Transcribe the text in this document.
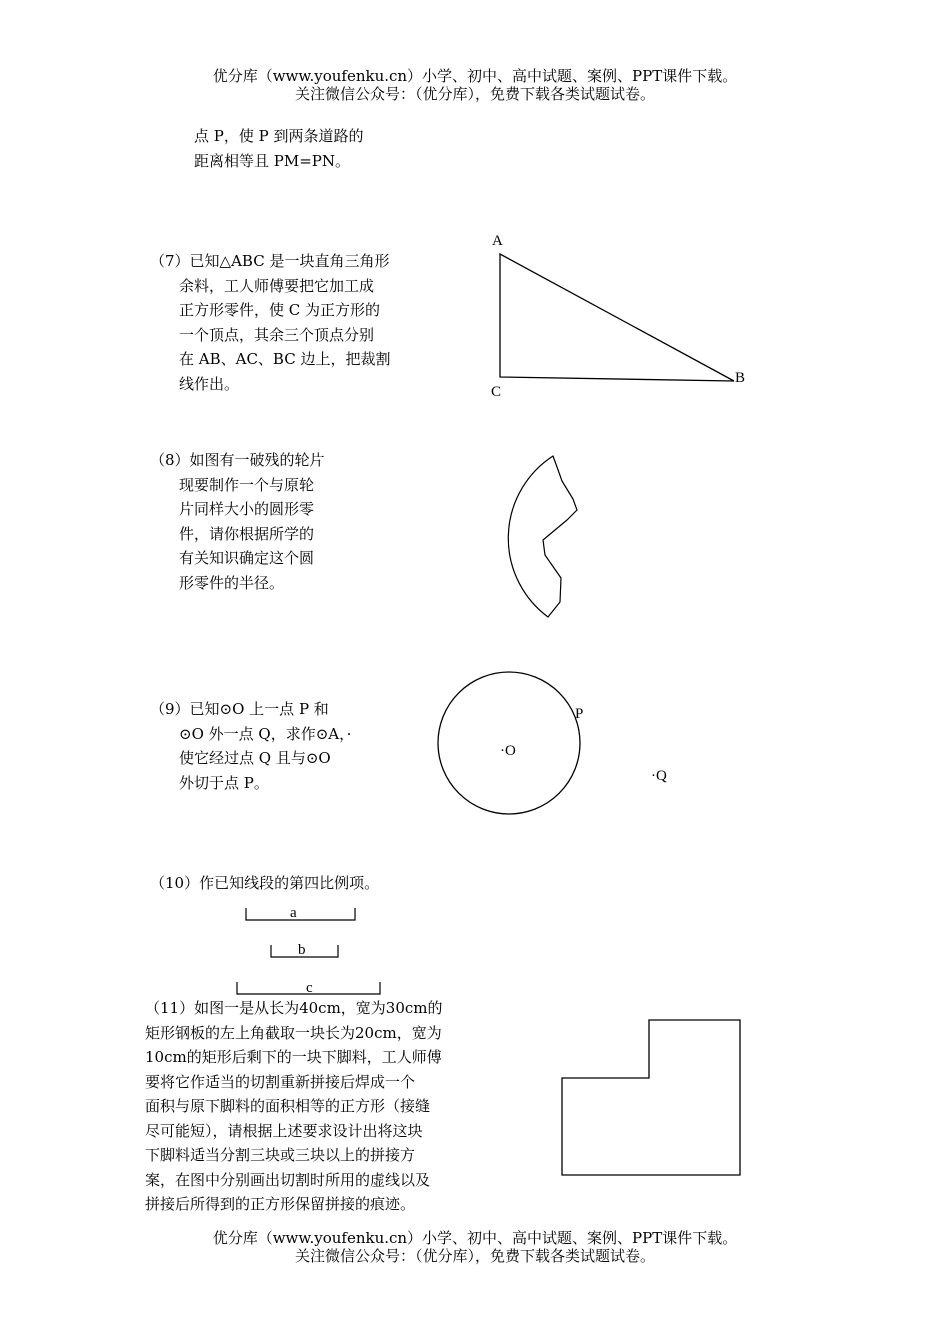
优分库（www.youfenku.cn）小学、初中、高中试题、案例、PPT课件下载。
关注微信公众号：（优分库），免费下载各类试题试卷。
点 P，使 P 到两条道路的
距离相等且 PM=PN。
（7）已知△ABC 是一块直角三角形
余料，工人师傅要把它加工成
正方形零件，使 C 为正方形的
一个顶点，其余三个顶点分别
在 AB、AC、BC 边上，把裁割
线作出。
（8）如图有一破残的轮片
现要制作一个与原轮
片同样大小的圆形零
件，请你根据所学的
有关知识确定这个圆
形零件的半径。
（9）已知⊙O 上一点 P 和
⊙O 外一点 Q，求作⊙A，·
使它经过点 Q 且与⊙O
外切于点 P。
（10）作已知线段的第四比例项。
（11）如图一是从长为40cm，宽为30cm的
矩形钢板的左上角截取一块长为20cm，宽为
10cm的矩形后剩下的一块下脚料，工人师傅
要将它作适当的切割重新拼接后焊成一个
面积与原下脚料的面积相等的正方形（接缝
尽可能短），请根据上述要求设计出将这块
下脚料适当分割三块或三块以上的拼接方
案，在图中分别画出切割时所用的虚线以及
拼接后所得到的正方形保留拼接的痕迹。
A
B
C
·O
P
·Q
a
b
c
优分库（www.youfenku.cn）小学、初中、高中试题、案例、PPT课件下载。
关注微信公众号：（优分库），免费下载各类试题试卷。
